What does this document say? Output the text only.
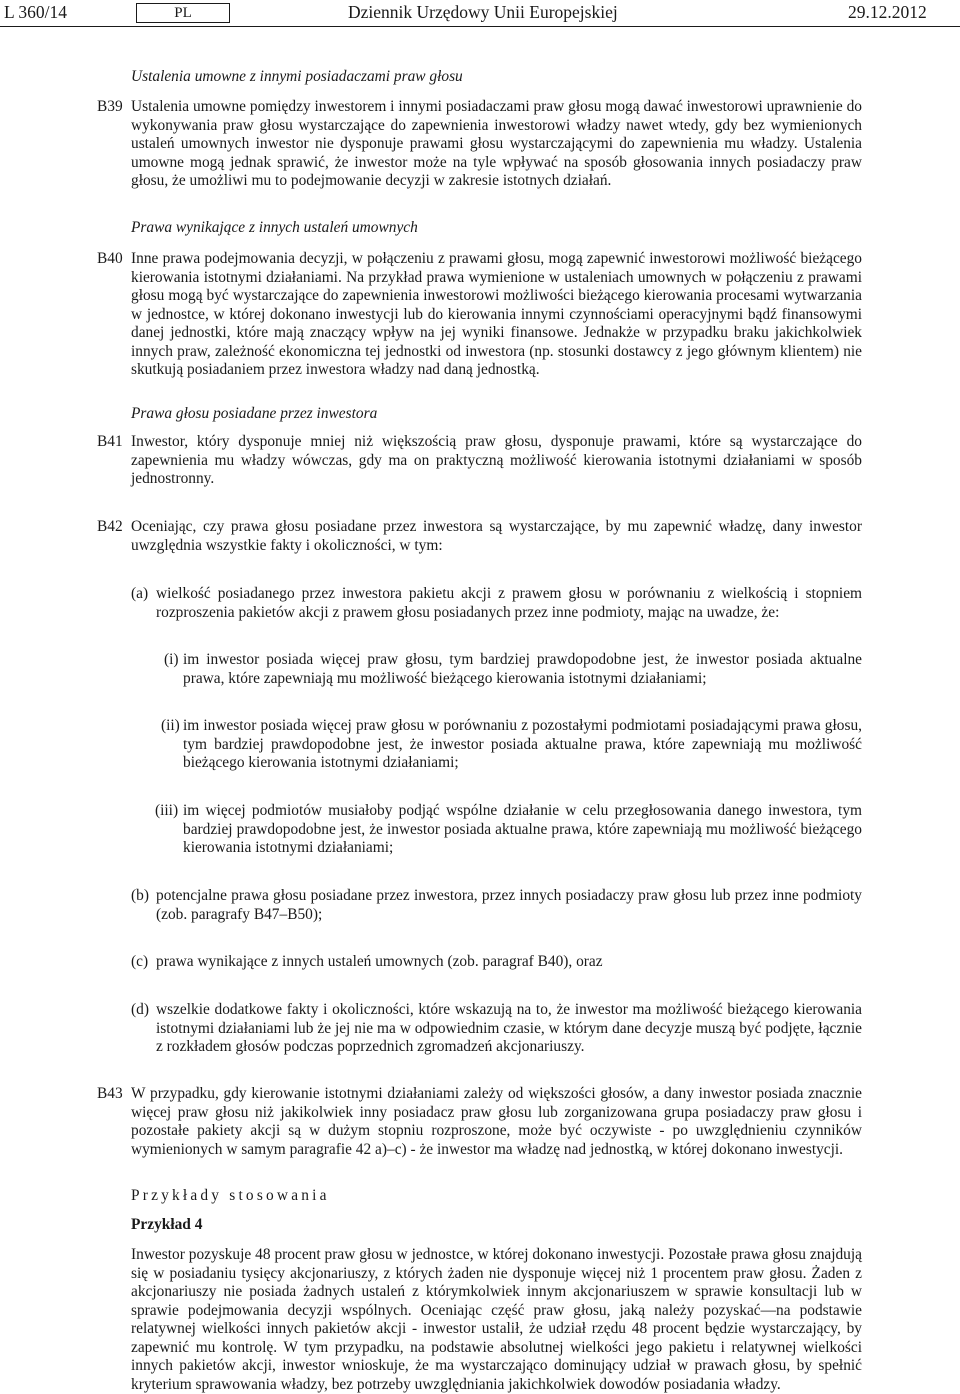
L 360/14	PL	Dziennik Urzędowy Unii Europejskiej	29.12.2012
Ustalenia umowne z innymi posiadaczami praw głosu
B39 Ustalenia umowne pomiędzy inwestorem i innymi posiadaczami praw głosu mogą dawać inwestorowi uprawnienie do wykonywania praw głosu wystarczające do zapewnienia inwestorowi władzy nawet wtedy, gdy bez wymienionych ustaleń umownych inwestor nie dysponuje prawami głosu wystarczającymi do zapewnienia mu władzy. Ustalenia umowne mogą jednak sprawić, że inwestor może na tyle wpływać na sposób głosowania innych posiadaczy praw głosu, że umożliwi mu to podejmowanie decyzji w zakresie istotnych działań.
Prawa wynikające z innych ustaleń umownych
B40 Inne prawa podejmowania decyzji, w połączeniu z prawami głosu, mogą zapewnić inwestorowi możliwość bieżącego kierowania istotnymi działaniami. Na przykład prawa wymienione w ustaleniach umownych w połączeniu z prawami głosu mogą być wystarczające do zapewnienia inwestorowi możliwości bieżącego kierowania procesami wytwarzania w jednostce, w której dokonano inwestycji lub do kierowania innymi czynnościami operacyjnymi bądź finansowymi danej jednostki, które mają znaczący wpływ na jej wyniki finansowe. Jednakże w przypadku braku jakichkolwiek innych praw, zależność ekonomiczna tej jednostki od inwestora (np. stosunki dostawcy z jego głównym klientem) nie skutkują posiadaniem przez inwestora władzy nad daną jednostką.
Prawa głosu posiadane przez inwestora
B41 Inwestor, który dysponuje mniej niż większością praw głosu, dysponuje prawami, które są wystarczające do zapewnienia mu władzy wówczas, gdy ma on praktyczną możliwość kierowania istotnymi działaniami w sposób jednostronny.
B42 Oceniając, czy prawa głosu posiadane przez inwestora są wystarczające, by mu zapewnić władzę, dany inwestor uwzględnia wszystkie fakty i okoliczności, w tym:
(a) wielkość posiadanego przez inwestora pakietu akcji z prawem głosu w porównaniu z wielkością i stopniem rozproszenia pakietów akcji z prawem głosu posiadanych przez inne podmioty, mając na uwadze, że:
(i) im inwestor posiada więcej praw głosu, tym bardziej prawdopodobne jest, że inwestor posiada aktualne prawa, które zapewniają mu możliwość bieżącego kierowania istotnymi działaniami;
(ii) im inwestor posiada więcej praw głosu w porównaniu z pozostałymi podmiotami posiadającymi prawa głosu, tym bardziej prawdopodobne jest, że inwestor posiada aktualne prawa, które zapewniają mu możliwość bieżącego kierowania istotnymi działaniami;
(iii) im więcej podmiotów musiałoby podjąć wspólne działanie w celu przegłosowania danego inwestora, tym bardziej prawdopodobne jest, że inwestor posiada aktualne prawa, które zapewniają mu możliwość bieżącego kierowania istotnymi działaniami;
(b) potencjalne prawa głosu posiadane przez inwestora, przez innych posiadaczy praw głosu lub przez inne podmioty (zob. paragrafy B47–B50);
(c) prawa wynikające z innych ustaleń umownych (zob. paragraf B40), oraz
(d) wszelkie dodatkowe fakty i okoliczności, które wskazują na to, że inwestor ma możliwość bieżącego kierowania istotnymi działaniami lub że jej nie ma w odpowiednim czasie, w którym dane decyzje muszą być podjęte, łącznie z rozkładem głosów podczas poprzednich zgromadzeń akcjonariuszy.
B43 W przypadku, gdy kierowanie istotnymi działaniami zależy od większości głosów, a dany inwestor posiada znacznie więcej praw głosu niż jakikolwiek inny posiadacz praw głosu lub zorganizowana grupa posiadaczy praw głosu i pozostałe pakiety akcji są w dużym stopniu rozproszone, może być oczywiste - po uwzględnieniu czynników wymienionych w samym paragrafie 42 a)–c) - że inwestor ma władzę nad jednostką, w której dokonano inwestycji.
Przykłady stosowania
Przykład 4
Inwestor pozyskuje 48 procent praw głosu w jednostce, w której dokonano inwestycji. Pozostałe prawa głosu znajdują się w posiadaniu tysięcy akcjonariuszy, z których żaden nie dysponuje więcej niż 1 procentem praw głosu. Żaden z akcjonariuszy nie posiada żadnych ustaleń z którymkolwiek innym akcjonariuszem w sprawie konsultacji lub w sprawie podejmowania decyzji wspólnych. Oceniając część praw głosu, jaką należy pozyskać—na podstawie relatywnej wielkości innych pakietów akcji - inwestor ustalił, że udział rzędu 48 procent będzie wystarczający, by zapewnić mu kontrolę. W tym przypadku, na podstawie absolutnej wielkości jego pakietu i relatywnej wielkości innych pakietów akcji, inwestor wnioskuje, że ma wystarczająco dominujący udział w prawach głosu, by spełnić kryterium sprawowania władzy, bez potrzeby uwzględniania jakichkolwiek dowodów posiadania władzy.
